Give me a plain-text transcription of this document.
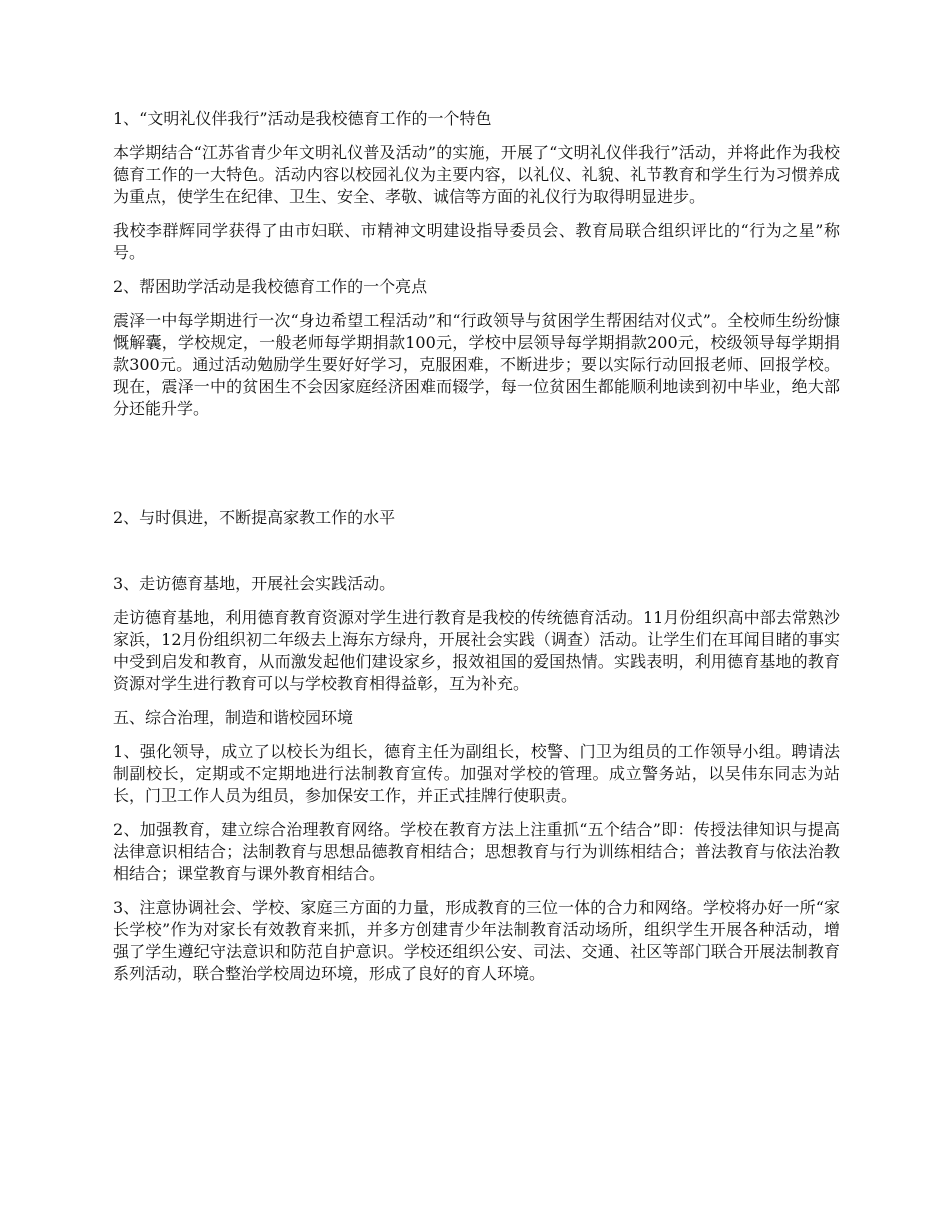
1、“文明礼仪伴我行”活动是我校德育工作的一个特色

本学期结合“江苏省青少年文明礼仪普及活动”的实施，开展了“文明礼仪伴我行”活动，并将此作为我校德育工作的一大特色。活动内容以校园礼仪为主要内容，以礼仪、礼貌、礼节教育和学生行为习惯养成为重点，使学生在纪律、卫生、安全、孝敬、诚信等方面的礼仪行为取得明显进步。

我校李群辉同学获得了由市妇联、市精神文明建设指导委员会、教育局联合组织评比的“行为之星”称号。

2、帮困助学活动是我校德育工作的一个亮点

震泽一中每学期进行一次“身边希望工程活动”和“行政领导与贫困学生帮困结对仪式”。全校师生纷纷慷慨解囊，学校规定，一般老师每学期捐款100元，学校中层领导每学期捐款200元，校级领导每学期捐款300元。通过活动勉励学生要好好学习，克服困难，不断进步；要以实际行动回报老师、回报学校。现在，震泽一中的贫困生不会因家庭经济困难而辍学，每一位贫困生都能顺利地读到初中毕业，绝大部分还能升学。

2、与时俱进，不断提高家教工作的水平

3、走访德育基地，开展社会实践活动。

走访德育基地，利用德育教育资源对学生进行教育是我校的传统德育活动。11月份组织高中部去常熟沙家浜，12月份组织初二年级去上海东方绿舟，开展社会实践（调查）活动。让学生们在耳闻目睹的事实中受到启发和教育，从而激发起他们建设家乡，报效祖国的爱国热情。实践表明，利用德育基地的教育资源对学生进行教育可以与学校教育相得益彰，互为补充。

五、综合治理，制造和谐校园环境

1、强化领导，成立了以校长为组长，德育主任为副组长，校警、门卫为组员的工作领导小组。聘请法制副校长，定期或不定期地进行法制教育宣传。加强对学校的管理。成立警务站，以吴伟东同志为站长，门卫工作人员为组员，参加保安工作，并正式挂牌行使职责。

2、加强教育，建立综合治理教育网络。学校在教育方法上注重抓“五个结合”即：传授法律知识与提高法律意识相结合；法制教育与思想品德教育相结合；思想教育与行为训练相结合；普法教育与依法治教相结合；课堂教育与课外教育相结合。

3、注意协调社会、学校、家庭三方面的力量，形成教育的三位一体的合力和网络。学校将办好一所“家长学校”作为对家长有效教育来抓，并多方创建青少年法制教育活动场所，组织学生开展各种活动，增强了学生遵纪守法意识和防范自护意识。学校还组织公安、司法、交通、社区等部门联合开展法制教育系列活动，联合整治学校周边环境，形成了良好的育人环境。
